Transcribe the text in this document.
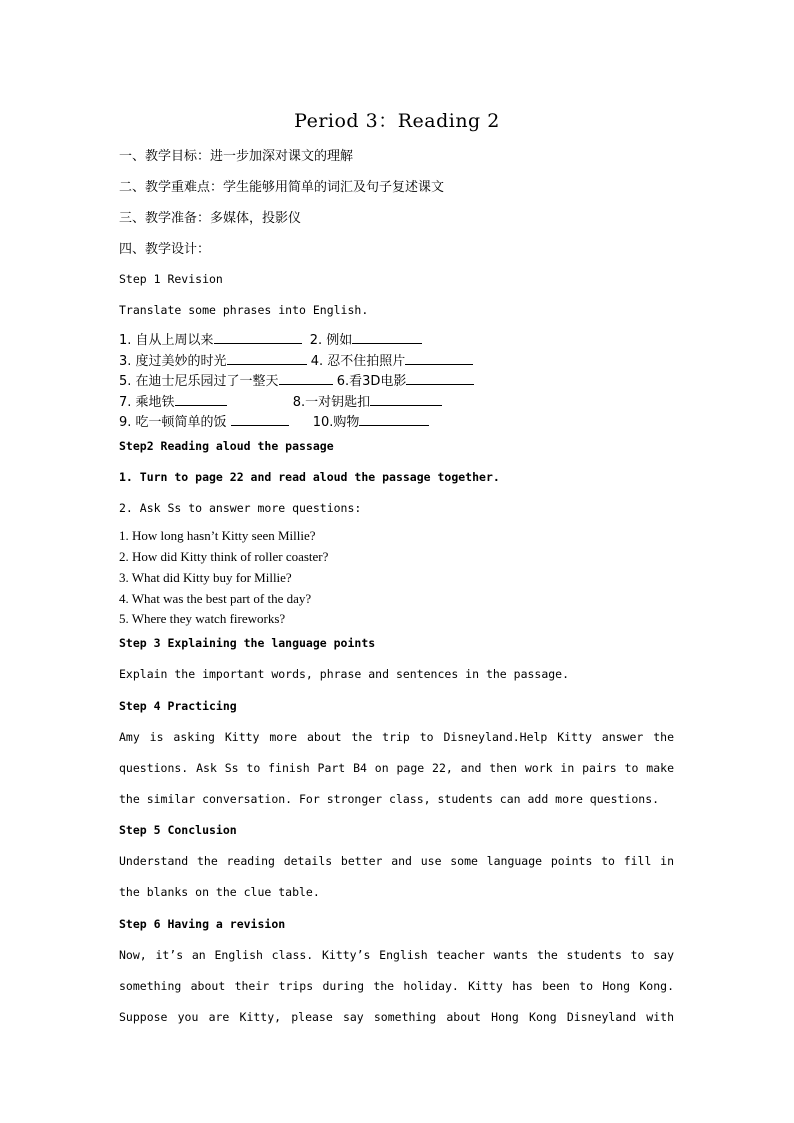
Period 3：Reading 2
一、教学目标：进一步加深对课文的理解
二、教学重难点：学生能够用简单的词汇及句子复述课文
三、教学准备：多媒体，投影仪
四、教学设计：
Step 1 Revision
Translate some phrases into English.
1. 自从上周以来	2. 例如
3. 度过美妙的时光	4. 忍不住拍照片
5. 在迪士尼乐园过了一整天	6.看3D电影
7. 乘地铁	8.一对钥匙扣
9. 吃一顿简单的饭	10.购物
Step2 Reading aloud the passage
1. Turn to page 22 and read aloud the passage together.
2. Ask Ss to answer more questions:
1. How long hasn’t Kitty seen Millie?
2. How did Kitty think of roller coaster?
3. What did Kitty buy for Millie?
4. What was the best part of the day?
5. Where they watch fireworks?
Step 3 Explaining the language points
Explain the important words, phrase and sentences in the passage.
Step 4 Practicing
Amy is asking Kitty more about the trip to Disneyland.Help Kitty answer the
questions. Ask Ss to finish Part B4 on page 22, and then work in pairs to make
the similar conversation. For stronger class, students can add more questions.
Step 5 Conclusion
Understand the reading details better and use some language points to fill in
the blanks on the clue table.
Step 6 Having a revision
Now, it’s an English class. Kitty’s English teacher wants the students to say
something about their trips during the holiday. Kitty has been to Hong Kong.
Suppose you are Kitty, please say something about Hong Kong Disneyland with
